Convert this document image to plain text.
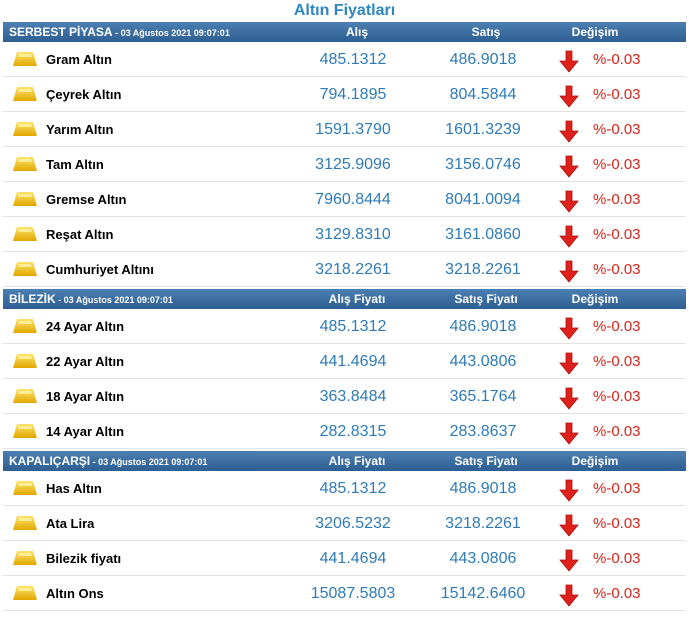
Altın Fiyatları
SERBEST PİYASA - 03 Ağustos 2021 09:07:01	Alış	Satış	Değişim
Gram Altın	485.1312	486.9018	%-0.03
Çeyrek Altın	794.1895	804.5844	%-0.03
Yarım Altın	1591.3790	1601.3239	%-0.03
Tam Altın	3125.9096	3156.0746	%-0.03
Gremse Altın	7960.8444	8041.0094	%-0.03
Reşat Altın	3129.8310	3161.0860	%-0.03
Cumhuriyet Altını	3218.2261	3218.2261	%-0.03
BİLEZİK - 03 Ağustos 2021 09:07:01	Alış Fiyatı	Satış Fiyatı	Değişim
24 Ayar Altın	485.1312	486.9018	%-0.03
22 Ayar Altın	441.4694	443.0806	%-0.03
18 Ayar Altın	363.8484	365.1764	%-0.03
14 Ayar Altın	282.8315	283.8637	%-0.03
KAPALIÇARŞI - 03 Ağustos 2021 09:07:01	Alış Fiyatı	Satış Fiyatı	Değişim
Has Altın	485.1312	486.9018	%-0.03
Ata Lira	3206.5232	3218.2261	%-0.03
Bilezik fiyatı	441.4694	443.0806	%-0.03
Altın Ons	15087.5803	15142.6460	%-0.03
